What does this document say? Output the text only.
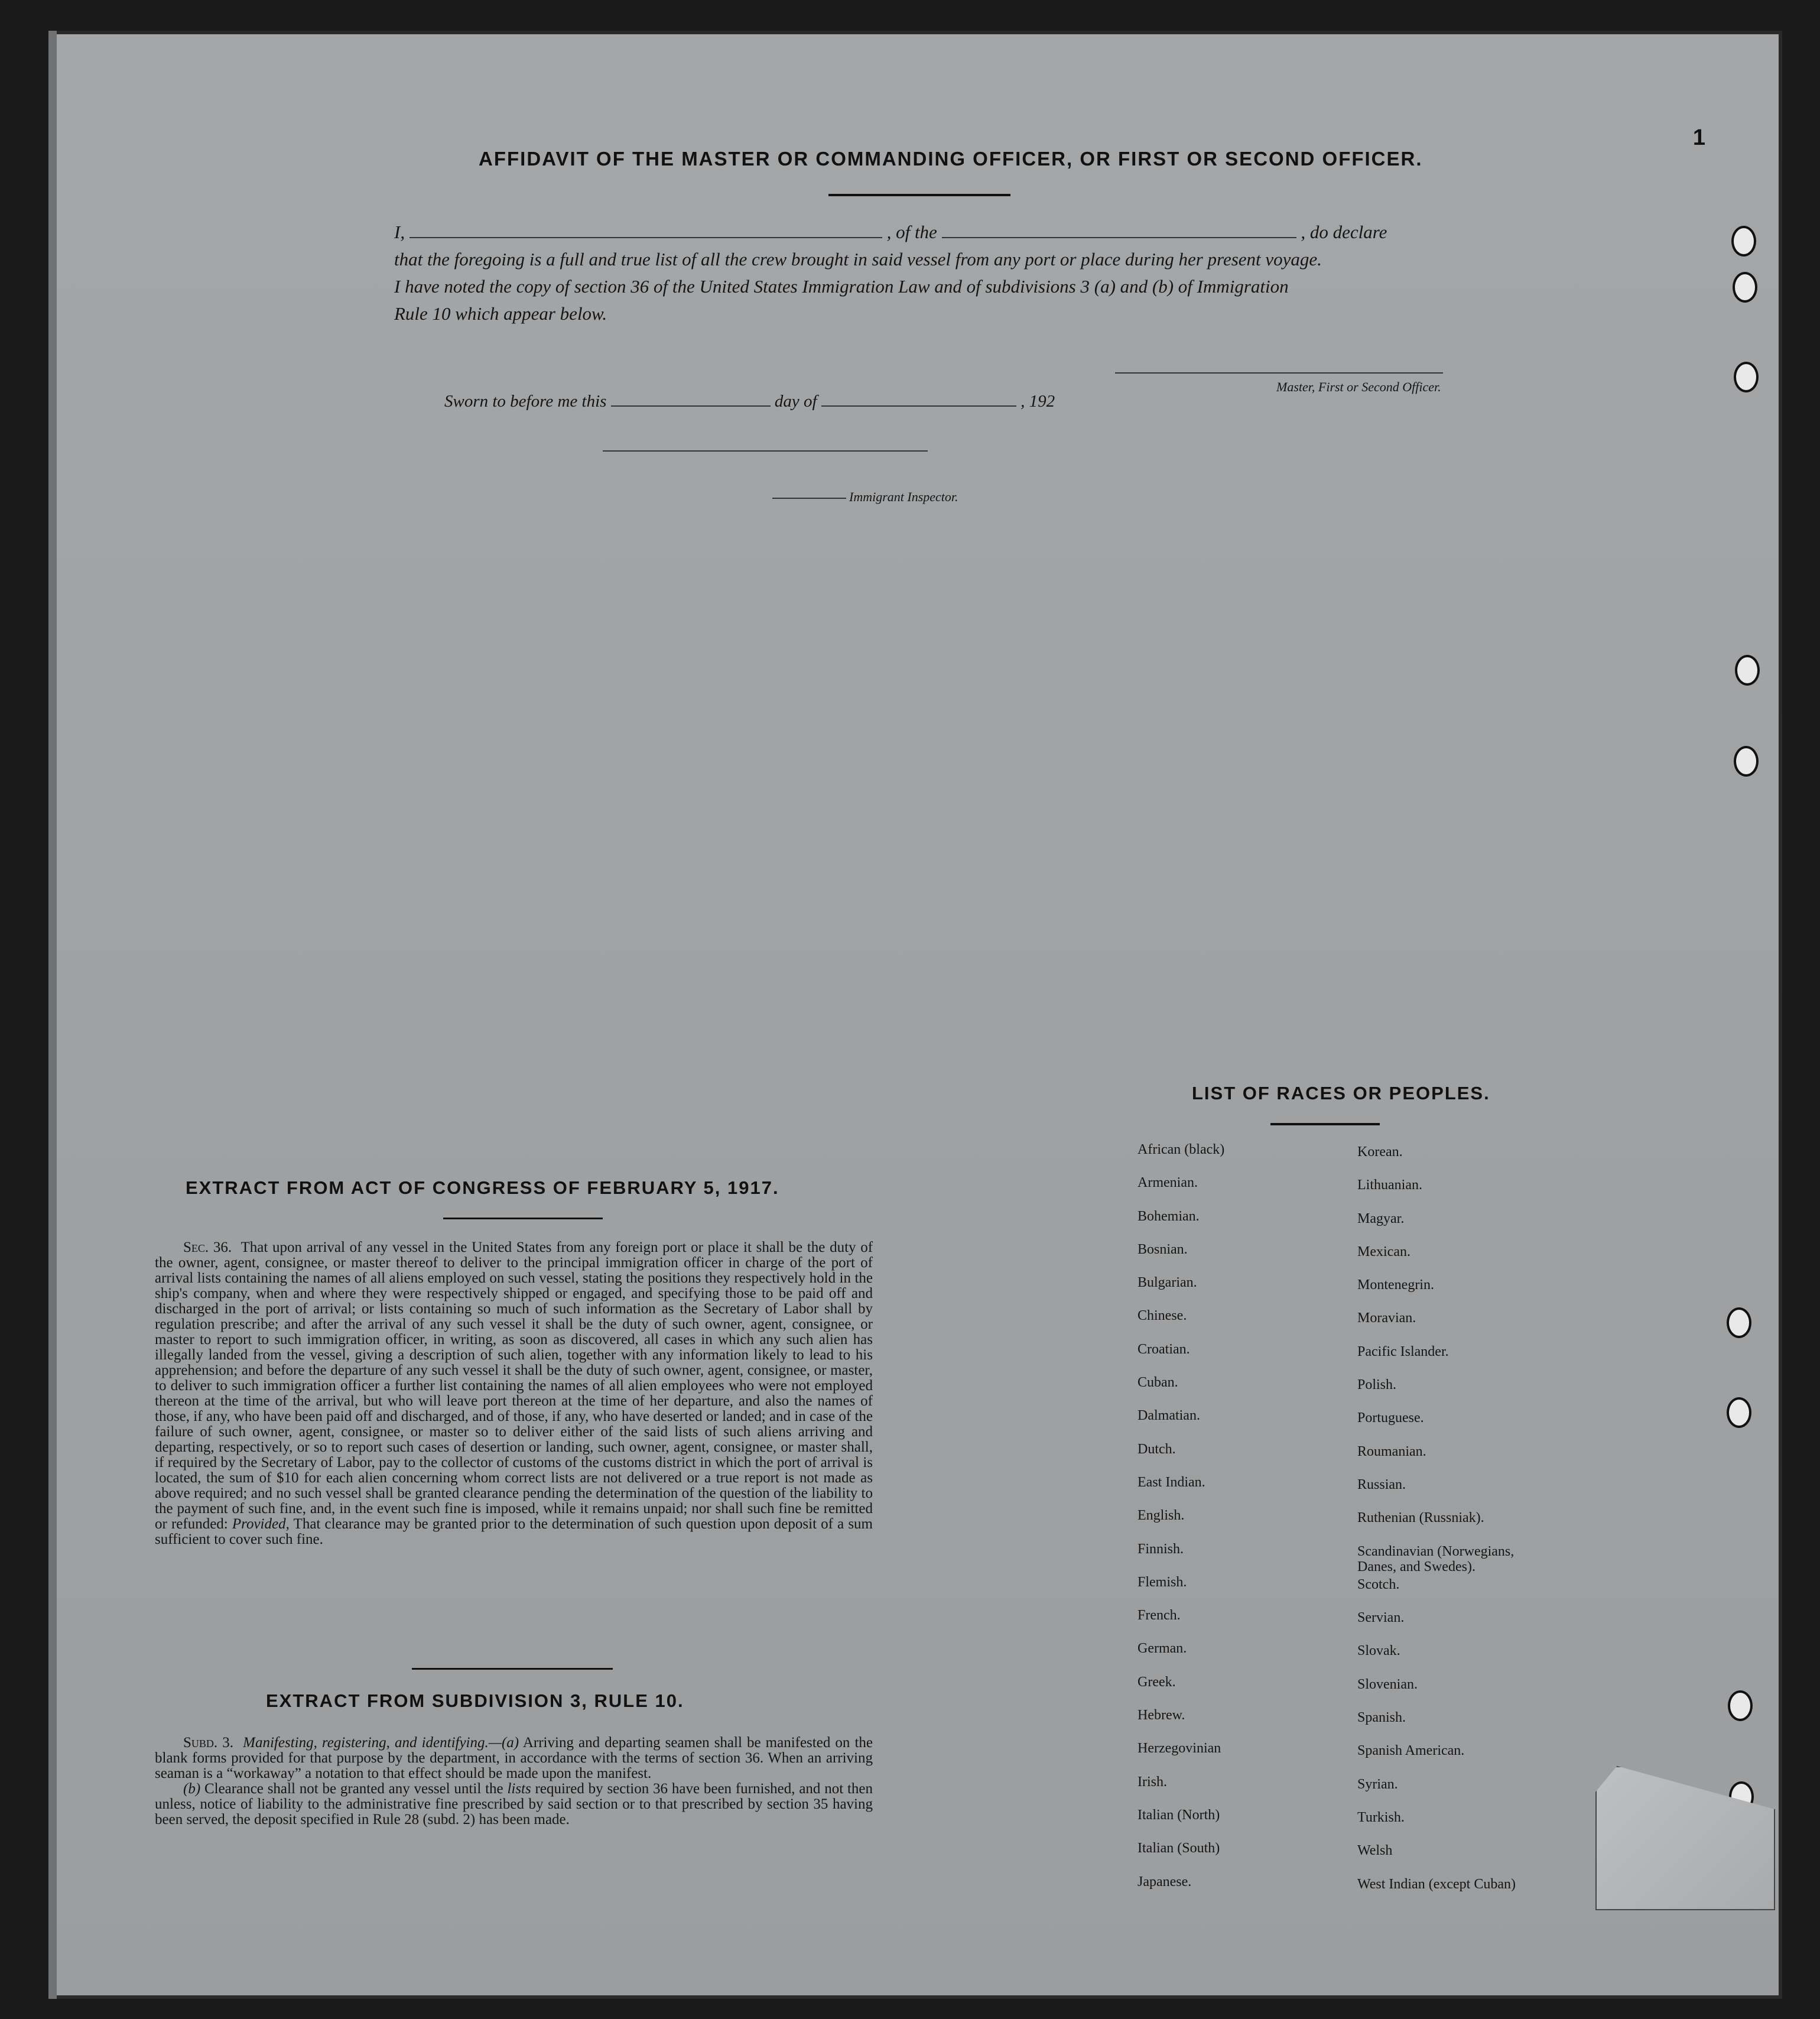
1
AFFIDAVIT OF THE MASTER OR COMMANDING OFFICER, OR FIRST OR SECOND OFFICER.
I,	, of the	, do declare
that the foregoing is a full and true list of all the crew brought in said vessel from any port or place during her present voyage.
I have noted the copy of section 36 of the United States Immigration Law and of subdivisions 3 (a) and (b) of Immigration
Rule 10 which appear below.
Master, First or Second Officer.
Sworn to before me this	day of	, 192
Immigrant Inspector.
EXTRACT FROM ACT OF CONGRESS OF FEBRUARY 5, 1917.

Sec. 36. That upon arrival of any vessel in the United States from any foreign port or place it shall be the duty of the owner, agent, consignee, or master thereof to deliver to the principal immigration officer in charge of the port of arrival lists containing the names of all aliens employed on such vessel, stating the positions they respectively hold in the ship's company, when and where they were respectively shipped or engaged, and specifying those to be paid off and discharged in the port of arrival; or lists containing so much of such information as the Secretary of Labor shall by regulation prescribe; and after the arrival of any such vessel it shall be the duty of such owner, agent, consignee, or master to report to such immigration officer, in writing, as soon as discovered, all cases in which any such alien has illegally landed from the vessel, giving a description of such alien, together with any information likely to lead to his apprehension; and before the departure of any such vessel it shall be the duty of such owner, agent, consignee, or master, to deliver to such immigration officer a further list containing the names of all alien employees who were not employed thereon at the time of the arrival, but who will leave port thereon at the time of her departure, and also the names of those, if any, who have been paid off and discharged, and of those, if any, who have deserted or landed; and in case of the failure of such owner, agent, consignee, or master so to deliver either of the said lists of such aliens arriving and departing, respectively, or so to report such cases of desertion or landing, such owner, agent, consignee, or master shall, if required by the Secretary of Labor, pay to the collector of customs of the customs district in which the port of arrival is located, the sum of $10 for each alien concerning whom correct lists are not delivered or a true report is not made as above required; and no such vessel shall be granted clearance pending the determination of the question of the liability to the payment of such fine, and, in the event such fine is imposed, while it remains unpaid; nor shall such fine be remitted or refunded: Provided, That clearance may be granted prior to the determination of such question upon deposit of a sum sufficient to cover such fine.

EXTRACT FROM SUBDIVISION 3, RULE 10.

Subd. 3. Manifesting, registering, and identifying.—(a) Arriving and departing seamen shall be manifested on the blank forms provided for that purpose by the department, in accordance with the terms of section 36. When an arriving seaman is a “workaway” a notation to that effect should be made upon the manifest.

(b) Clearance shall not be granted any vessel until the lists required by section 36 have been furnished, and not then unless, notice of liability to the administrative fine prescribed by said section or to that prescribed by section 35 having been served, the deposit specified in Rule 28 (subd. 2) has been made.

LIST OF RACES OR PEOPLES.
African (black)
Armenian.
Bohemian.
Bosnian.
Bulgarian.
Chinese.
Croatian.
Cuban.
Dalmatian.
Dutch.
East Indian.
English.
Finnish.
Flemish.
French.
German.
Greek.
Hebrew.
Herzegovinian
Irish.
Italian (North)
Italian (South)
Japanese.
Korean.
Lithuanian.
Magyar.
Mexican.
Montenegrin.
Moravian.
Pacific Islander.
Polish.
Portuguese.
Roumanian.
Russian.
Ruthenian (Russniak).
Scandinavian (Norwegians,
Danes, and Swedes).
Scotch.
Servian.
Slovak.
Slovenian.
Spanish.
Spanish American.
Syrian.
Turkish.
Welsh
West Indian (except Cuban)
